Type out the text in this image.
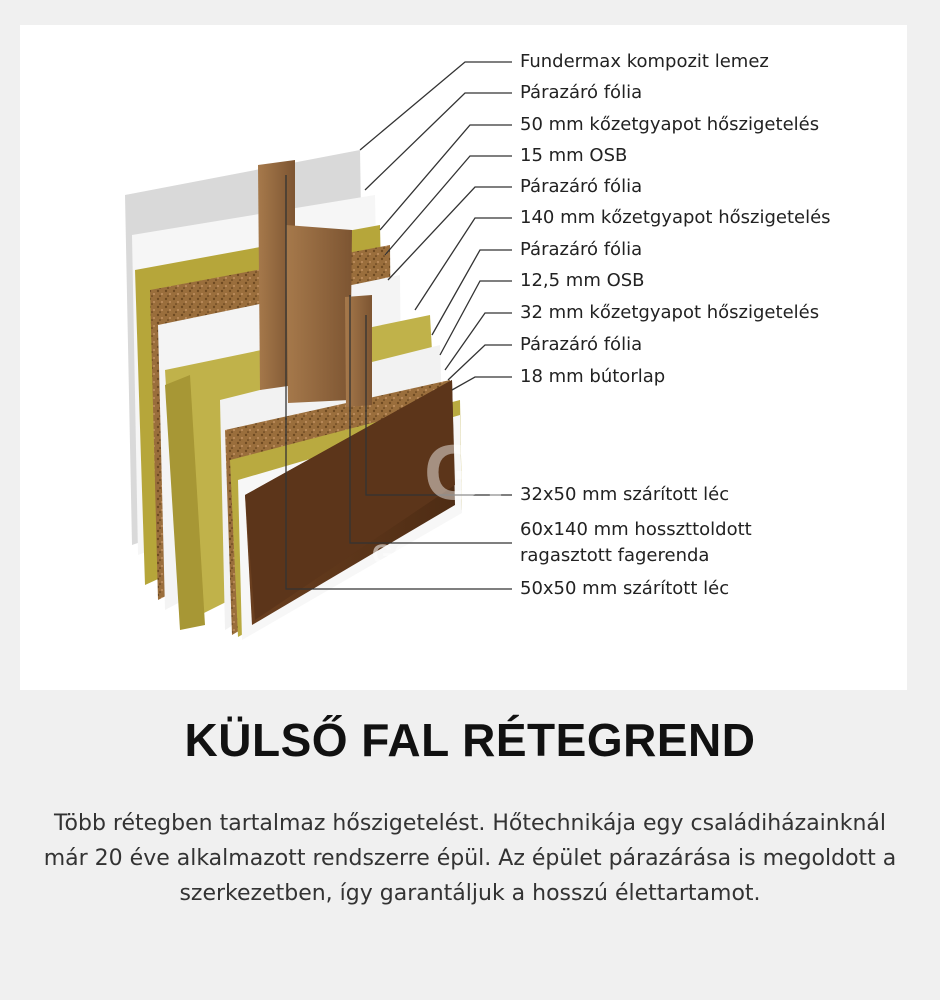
GH
GONAHOME
Fundermax kompozit lemez
Párazáró fólia
50 mm kőzetgyapot hőszigetelés
15 mm OSB
Párazáró fólia
140 mm kőzetgyapot hőszigetelés
Párazáró fólia
12,5 mm OSB
32 mm kőzetgyapot hőszigetelés
Párazáró fólia
18 mm bútorlap
32x50 mm szárított léc
60x140 mm hosszttoldott
ragasztott fagerenda
50x50 mm szárított léc
KÜLSŐ FAL RÉTEGREND
Több rétegben tartalmaz hőszigetelést. Hőtechnikája egy családiházainknál már 20 éve alkalmazott rendszerre épül. Az épület párazárása is megoldott a szerkezetben, így garantáljuk a hosszú élettartamot.
